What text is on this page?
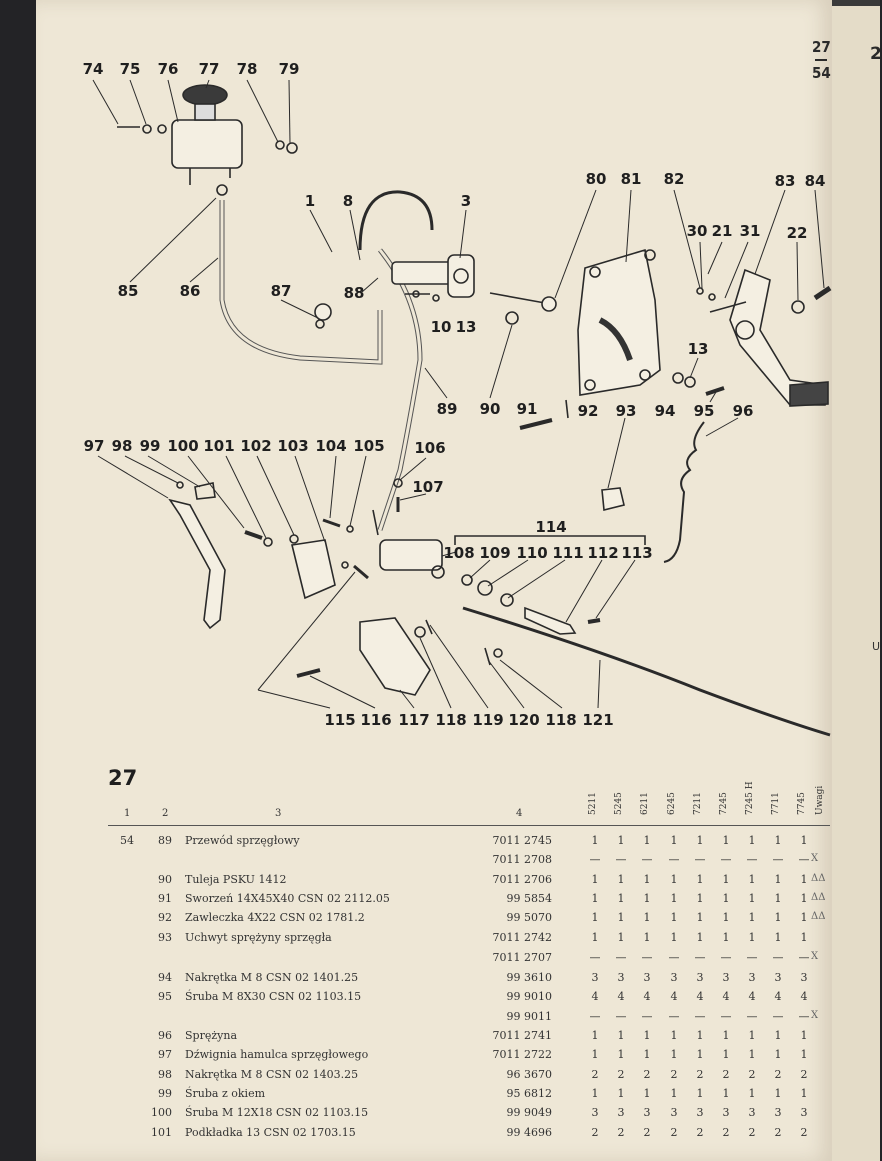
2
U
27
54
74 75 76 77 78 79
80 81 82	83 84
1 8	3
30 21 31 22
85	86	87	88
10 13
13
89 90 91	92 93 94 95 96
97 98 99 100 101 102 103 104 105 106
107
114
108 109 110 111 112 113
115 116 117 118 119 120 118 121
27
1	2	3	4	5211	5245	6211	6245	7211	7245	7245 H	7711	7745 Uwagi
54	89 Przewód sprzęgłowy	7011 2745	1	1	1	1	1	1	1	1	1
7011 2708	— — — — — — — — — X
90 Tuleja PSKU 1412	7011 2706	1	1	1	1	1	1	1	1	1 ΔΔ
91 Sworzeń 14X45X40 CSN 02 2112.05	99 5854	1	1	1	1	1	1	1	1	1 ΔΔ
92 Zawleczka 4X22 CSN 02 1781.2	99 5070	1	1	1	1	1	1	1	1	1 ΔΔ
93 Uchwyt sprężyny sprzęgła	7011 2742	1	1	1	1	1	1	1	1	1
7011 2707	— — — — — — — — — X
94 Nakrętka M 8 CSN 02 1401.25	99 3610	3	3	3	3	3	3	3	3	3
95 Śruba M 8X30 CSN 02 1103.15	99 9010	4	4	4	4	4	4	4	4	4
99 9011	— — — — — — — — — X
96 Sprężyna	7011 2741	1	1	1	1	1	1	1	1	1
97 Dźwignia hamulca sprzęgłowego	7011 2722	1	1	1	1	1	1	1	1	1
98 Nakrętka M 8 CSN 02 1403.25	96 3670	2	2	2	2	2	2	2	2	2
99 Śruba z okiem	95 6812	1	1	1	1	1	1	1	1	1
100 Śruba M 12X18 CSN 02 1103.15	99 9049	3	3	3	3	3	3	3	3	3
101 Podkładka 13 CSN 02 1703.15	99 4696	2	2	2	2	2	2	2	2	2
